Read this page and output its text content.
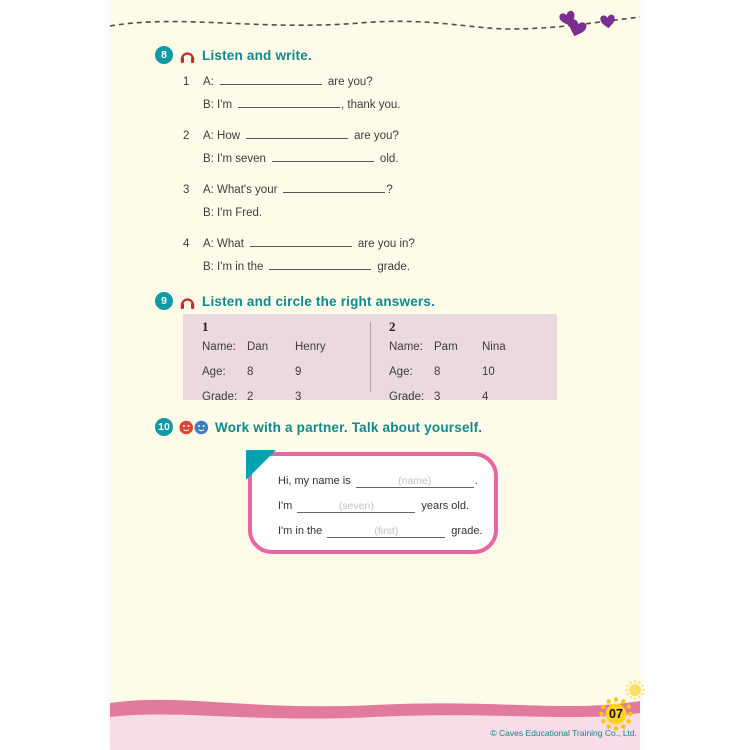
8	Listen and write.
1	A:	are you?
B: I'm	, thank you.
2	A: How	are you?
B: I'm seven	old.
3	A: What's your	?
B: I'm Fred.
4	A: What	are you in?
B: I'm in the	grade.
9	Listen and circle the right answers.
1
Name: Dan	Henry
Age:	8	9
Grade: 2	3
2
Name: Pam	Nina
Age:	8	10
Grade: 3	4
10	Work with a partner. Talk about yourself.
Hi, my name is	(name)	.
I'm	(seven)	years old.
I'm in the	(first)	grade.
© Caves Educational Training Co., Ltd.
07
